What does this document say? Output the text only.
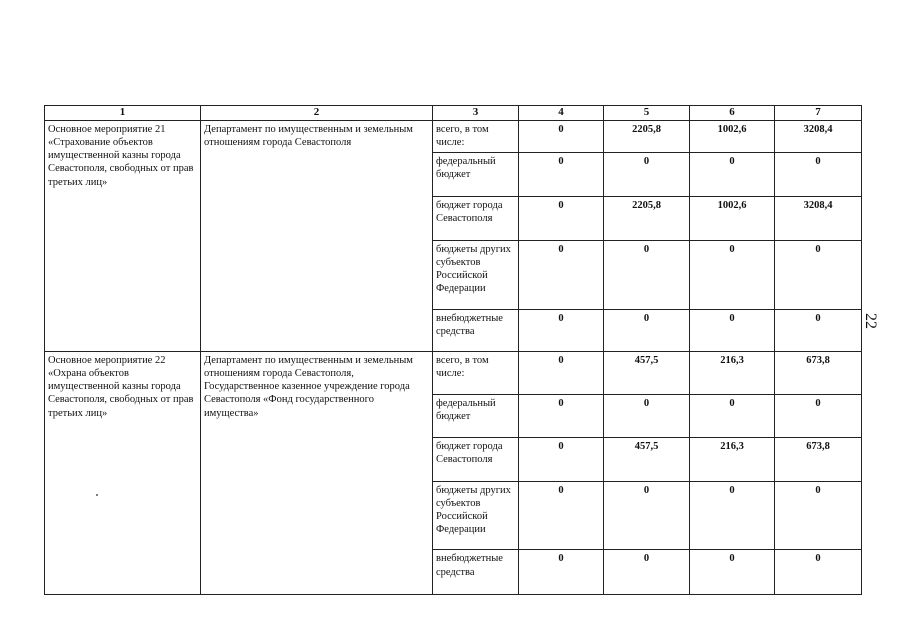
1	2	3	4	5	6	7
Основное мероприятие 21 «Страхование объектов имущественной казны города Севастополя, свободных от прав третьих лиц»	Департамент по имущественным и земельным отношениям города Севастополя	всего, в том числе:	0	2205,8	1002,6	3208,4
		федеральный бюджет	0	0	0	0
		бюджет города Севастополя	0	2205,8	1002,6	3208,4
		бюджеты других субъектов Российской Федерации	0	0	0	0
		внебюджетные средства	0	0	0	0
Основное мероприятие 22 «Охрана объектов имущественной казны города Севастополя, свободных от прав третьих лиц»	Департамент по имущественным и земельным отношениям города Севастополя, Государственное казенное учреждение города Севастополя «Фонд государственного имущества»	всего, в том числе:	0	457,5	216,3	673,8
		федеральный бюджет	0	0	0	0
		бюджет города Севастополя	0	457,5	216,3	673,8
		бюджеты других субъектов Российской Федерации	0	0	0	0
		внебюджетные средства	0	0	0	0
22
